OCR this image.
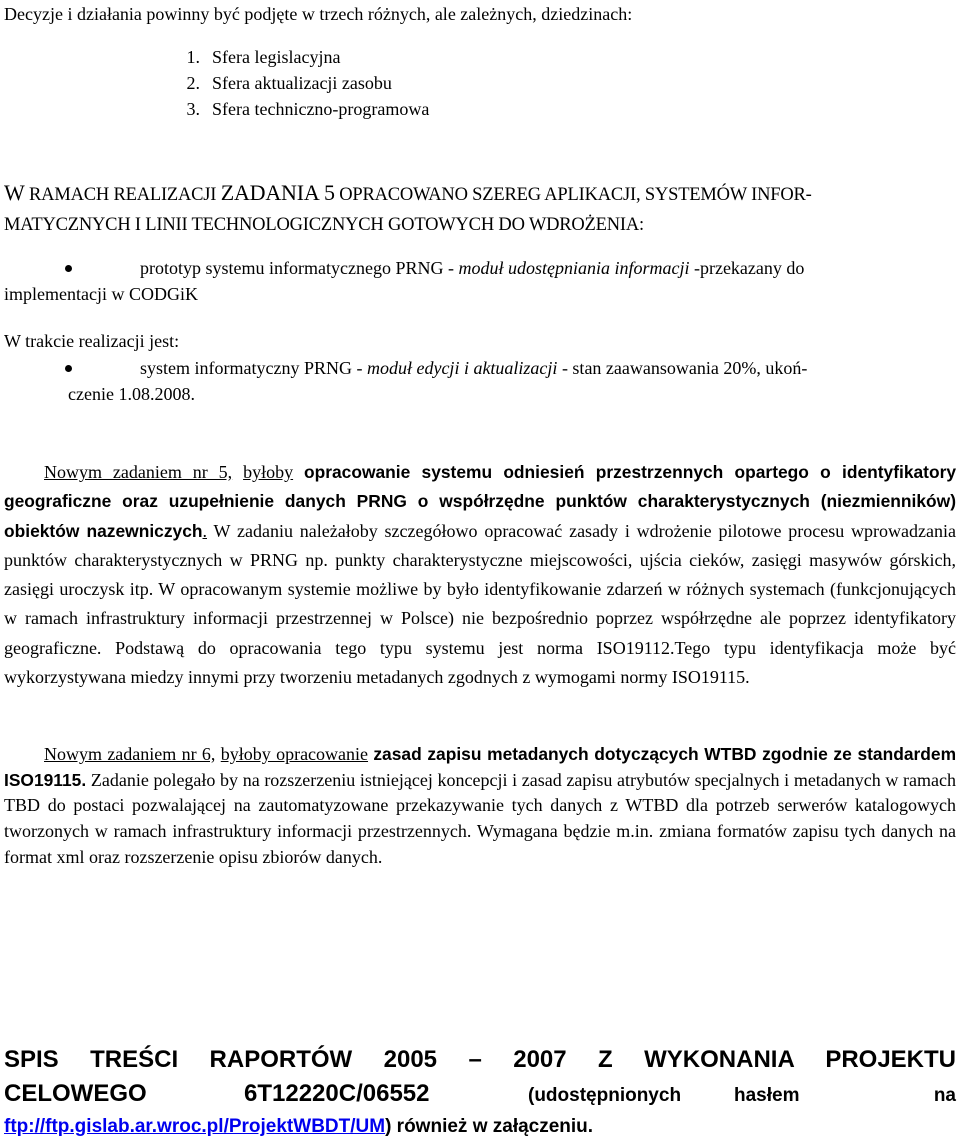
Decyzje i działania powinny być podjęte w trzech różnych, ale zależnych, dziedzinach:

1. Sfera legislacyjna
2. Sfera aktualizacji zasobu
3. Sfera techniczno-programowa
W RAMACH REALIZACJI ZADANIA 5 OPRACOWANO SZEREG APLIKACJI, SYSTEMÓW INFOR-
MATYCZNYCH I LINII TECHNOLOGICZNYCH GOTOWYCH DO WDROŻENIA:
prototyp systemu informatycznego PRNG - moduł udostępniania informacji -przekazany do
implementacji w CODGiK

W trakcie realizacji jest:

system informatyczny PRNG - moduł edycji i aktualizacji - stan zaawansowania 20%, ukoń-
czenie 1.08.2008.

Nowym zadaniem nr 5, byłoby opracowanie systemu odniesień przestrzennych opartego o identyfikatory geograficzne oraz uzupełnienie danych PRNG o współrzędne punktów charakterystycznych (niezmienników) obiektów nazewniczych. W zadaniu należałoby szczegółowo opracować zasady i wdrożenie pilotowe procesu wprowadzania punktów charakterystycznych w PRNG np. punkty charakterystyczne miejscowości, ujścia cieków, zasięgi masywów górskich, zasięgi uroczysk itp. W opracowanym systemie możliwe by było identyfikowanie zdarzeń w różnych systemach (funkcjonujących w ramach infrastruktury informacji przestrzennej w Polsce) nie bezpośrednio poprzez współrzędne ale poprzez identyfikatory geograficzne. Podstawą do opracowania tego typu systemu jest norma ISO19112.Tego typu identyfikacja może być wykorzystywana miedzy innymi przy tworzeniu metadanych zgodnych z wymogami normy ISO19115.

Nowym zadaniem nr 6, byłoby opracowanie zasad zapisu metadanych dotyczących WTBD zgodnie ze standardem ISO19115. Zadanie polegało by na rozszerzeniu istniejącej koncepcji i zasad zapisu atrybutów specjalnych i metadanych w ramach TBD do postaci pozwalającej na zautomatyzowane przekazywanie tych danych z WTBD dla potrzeb serwerów katalogowych tworzonych w ramach infrastruktury informacji przestrzennych. Wymagana będzie m.in. zmiana formatów zapisu tych danych na format xml oraz rozszerzenie opisu zbiorów danych.

SPIS TREŚCI RAPORTÓW 2005 – 2007 Z WYKONANIA PROJEKTU
CELOWEGO	6T12220C/06552	(udostępnionych	hasłem	na
ftp://ftp.gislab.ar.wroc.pl/ProjektWBDT/UM) również w załączeniu.
